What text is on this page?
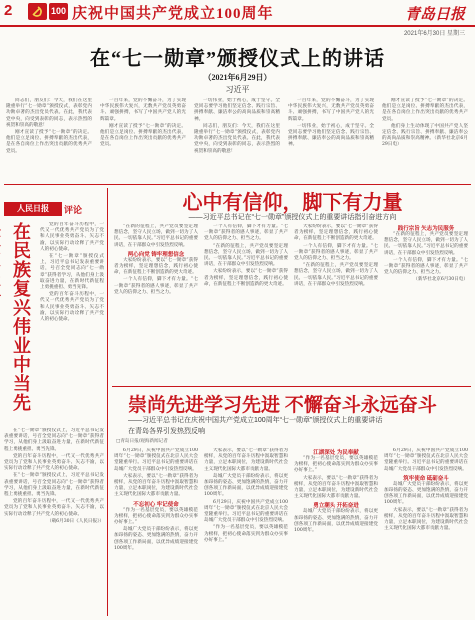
2	100 庆祝中国共产党成立100周年	青岛日报
2021年6月30日 星期三
在“七一勋章”颁授仪式上的讲话
（2021年6月29日）
习近平

同志们，朋友们：今天，我们在这里隆重举行“七一勋章”颁授仪式，表彰党内功勋卓著的杰出党员代表。在此，我代表党中央，向受到表彰的同志，表示热烈的祝贺和崇高的敬意！

刚才宣读了授予“七一勋章”的决定。他们是立足岗位、拼搏奉献的杰出代表，是在各自岗位上作出突出贡献的优秀共产党员。

一百年来，党的不懈奋斗，为了实现中华民族伟大复兴，无数共产党员英勇奋斗、顽强拼搏，书写了中国共产党人的光辉篇章。

刚才宣读了授予“七一勋章”的决定。他们是立足岗位、拼搏奉献的杰出代表，是在各自岗位上作出突出贡献的优秀共产党员。

一切伟业，始于初心，成于坚守。全党同志要学习他们坚定信念、践行宗旨、拼搏奉献、廉洁奉公的高尚品质和崇高精神。

同志们，朋友们：今天，我们在这里隆重举行“七一勋章”颁授仪式，表彰党内功勋卓著的杰出党员代表。在此，我代表党中央，向受到表彰的同志，表示热烈的祝贺和崇高的敬意！

一百年来，党的不懈奋斗，为了实现中华民族伟大复兴，无数共产党员英勇奋斗、顽强拼搏，书写了中国共产党人的光辉篇章。

一切伟业，始于初心，成于坚守。全党同志要学习他们坚定信念、践行宗旨、拼搏奉献、廉洁奉公的高尚品质和崇高精神。

刚才宣读了授予“七一勋章”的决定。他们是立足岗位、拼搏奉献的杰出代表，是在各自岗位上作出突出贡献的优秀共产党员。

他们身上生动体现了中国共产党人坚定信念、践行宗旨、拼搏奉献、廉洁奉公的高尚品质和崇高精神。（新华社北京6月29日电）

人民日报	评论
在民族复兴伟业中当先

党的百年奋斗历程中，一代又一代优秀共产党员为了党和人民事业英勇奋斗、矢志不渝，以实际行动诠释了共产党人的初心使命。

在“七一勋章”颁授仪式上，习近平总书记发表重要讲话，号召全党同志向“七一勋章”获得者学习，从他们身上汲取奋进力量，在新时代新征程上勇挑重担、勇当先锋。

党的百年奋斗历程中，一代又一代优秀共产党员为了党和人民事业英勇奋斗、矢志不渝，以实际行动诠释了共产党人的初心使命。

在“七一勋章”颁授仪式上，习近平总书记发表重要讲话，号召全党同志向“七一勋章”获得者学习，从他们身上汲取奋进力量，在新时代新征程上勇挑重担、勇当先锋。

党的百年奋斗历程中，一代又一代优秀共产党员为了党和人民事业英勇奋斗、矢志不渝，以实际行动诠释了共产党人的初心使命。

在“七一勋章”颁授仪式上，习近平总书记发表重要讲话，号召全党同志向“七一勋章”获得者学习，从他们身上汲取奋进力量，在新时代新征程上勇挑重担、勇当先锋。

党的百年奋斗历程中，一代又一代优秀共产党员为了党和人民事业英勇奋斗、矢志不渝，以实际行动诠释了共产党人的初心使命。

（载6月30日《人民日报》）

心中有信仰，脚下有力量
——习近平总书记在“七一勋章”颁授仪式上的重要讲话指引奋进方向

“在新的征程上，共产党员要坚定理想信念，坚守人民立场，做到一切为了人民、一切依靠人民。”习近平总书记的重要讲话，在干部群众中引发热烈反响。

两心向党 铸牢理想信念

大家纷纷表示，要以“七一勋章”获得者为榜样，坚定理想信念，践行初心使命，在新征程上不断创造新的更大奇迹。

一个人有信仰，脚下才有力量。“七一勋章”获得者的感人事迹，彰显了共产党人的信仰之力、担当之力。

一个人有信仰，脚下才有力量。“七一勋章”获得者的感人事迹，彰显了共产党人的信仰之力、担当之力。

“在新的征程上，共产党员要坚定理想信念，坚守人民立场，做到一切为了人民、一切依靠人民。”习近平总书记的重要讲话，在干部群众中引发热烈反响。

大家纷纷表示，要以“七一勋章”获得者为榜样，坚定理想信念，践行初心使命，在新征程上不断创造新的更大奇迹。

大家纷纷表示，要以“七一勋章”获得者为榜样，坚定理想信念，践行初心使命，在新征程上不断创造新的更大奇迹。

一个人有信仰，脚下才有力量。“七一勋章”获得者的感人事迹，彰显了共产党人的信仰之力、担当之力。

“在新的征程上，共产党员要坚定理想信念，坚守人民立场，做到一切为了人民、一切依靠人民。”习近平总书记的重要讲话，在干部群众中引发热烈反响。

践行宗旨 矢志为民服务

“在新的征程上，共产党员要坚定理想信念，坚守人民立场，做到一切为了人民、一切依靠人民。”习近平总书记的重要讲话，在干部群众中引发热烈反响。

一个人有信仰，脚下才有力量。“七一勋章”获得者的感人事迹，彰显了共产党人的信仰之力、担当之力。

（新华社北京6月30日电）

崇尚先进学习先进 不懈奋斗永远奋斗
——习近平总书记在庆祝中国共产党成立100周年“七一勋章”颁授仪式上的重要讲话
在青岛各界引发热烈反响
□青岛日报/观海新闻记者

6月29日，庆祝中国共产党成立100周年“七一勋章”颁授仪式在北京人民大会堂隆重举行。习近平总书记的重要讲话在岛城广大党员干部群众中引发热烈反响。

大家表示，要以“七一勋章”获得者为榜样，从党的百年奋斗历程中汲取智慧和力量，立足本职岗位，为建设新时代社会主义现代化国际大都市贡献力量。

不忘初心 牢记使命

“作为一名基层党员，要以英雄模范为榜样，把初心使命落实到为群众办实事办好事上。”

岛城广大党员干部纷纷表示，将以更加昂扬的姿态、更加饱满的热情，奋力开创各项工作新局面，以优异成绩迎接建党100周年。

大家表示，要以“七一勋章”获得者为榜样，从党的百年奋斗历程中汲取智慧和力量，立足本职岗位，为建设新时代社会主义现代化国际大都市贡献力量。

岛城广大党员干部纷纷表示，将以更加昂扬的姿态、更加饱满的热情，奋力开创各项工作新局面，以优异成绩迎接建党100周年。

6月29日，庆祝中国共产党成立100周年“七一勋章”颁授仪式在北京人民大会堂隆重举行。习近平总书记的重要讲话在岛城广大党员干部群众中引发热烈反响。

“作为一名基层党员，要以英雄模范为榜样，把初心使命落实到为群众办实事办好事上。”

江湖深处 为民奉献

“作为一名基层党员，要以英雄模范为榜样，把初心使命落实到为群众办实事办好事上。”

大家表示，要以“七一勋章”获得者为榜样，从党的百年奋斗历程中汲取智慧和力量，立足本职岗位，为建设新时代社会主义现代化国际大都市贡献力量。

勇立潮头 开拓奋进

岛城广大党员干部纷纷表示，将以更加昂扬的姿态、更加饱满的热情，奋力开创各项工作新局面，以优异成绩迎接建党100周年。

6月29日，庆祝中国共产党成立100周年“七一勋章”颁授仪式在北京人民大会堂隆重举行。习近平总书记的重要讲话在岛城广大党员干部群众中引发热烈反响。

筑牢使命 砥砺奋斗

岛城广大党员干部纷纷表示，将以更加昂扬的姿态、更加饱满的热情，奋力开创各项工作新局面，以优异成绩迎接建党100周年。

大家表示，要以“七一勋章”获得者为榜样，从党的百年奋斗历程中汲取智慧和力量，立足本职岗位，为建设新时代社会主义现代化国际大都市贡献力量。
